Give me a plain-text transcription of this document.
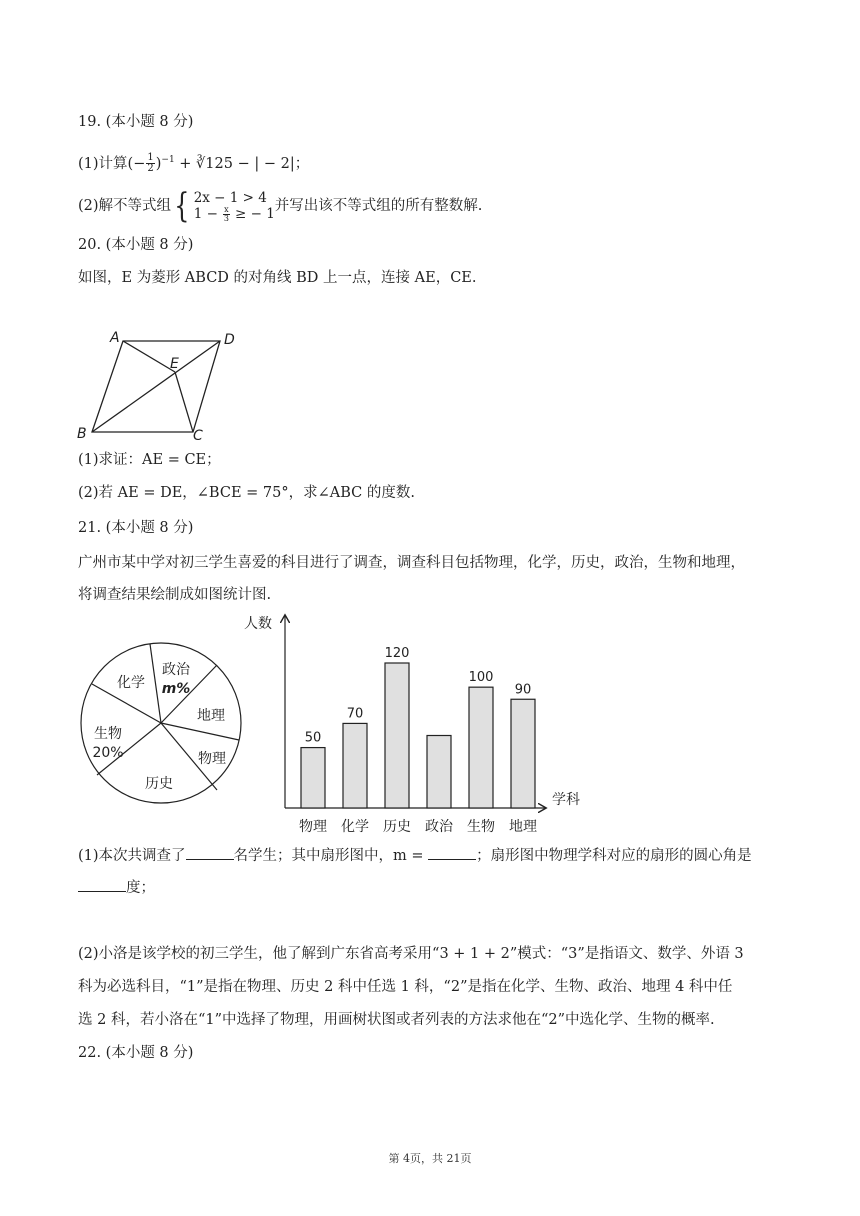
19. (本小题 8 分)
(1)计算(− $\frac{1}{2} )^{-1}$ + ∛125 − | − 2|；
(2)解不等式组 { 2x − 1 > 4
$1 - \frac{x}{3}$ ≥ − 1 并写出该不等式组的所有整数解.
20. (本小题 8 分)
如图，E 为菱形 ABCD 的对角线 BD 上一点，连接 AE，CE.
A	D
E
B	C
(1)求证：AE = CE；
(2)若 AE = DE，∠BCE = 75°，求∠ABC 的度数.
21. (本小题 8 分)
广州市某中学对初三学生喜爱的科目进行了调查，调查科目包括物理，化学，历史，政治，生物和地理，
将调查结果绘制成如图统计图.
化学
政治
m%
地理
物理
历史
生物
20%
人数
学科
50
物理
70
化学
120
历史 政治
100
生物
90
地理
(1)本次共调查了	名学生；其中扇形图中，m =	；扇形图中物理学科对应的扇形的圆心角是
度；
(2)小洛是该学校的初三学生，他了解到广东省高考采用“3 + 1 + 2”模式：“3”是指语文、数学、外语 3
科为必选科目，“1”是指在物理、历史 2 科中任选 1 科，“2”是指在化学、生物、政治、地理 4 科中任
选 2 科，若小洛在“1”中选择了物理，用画树状图或者列表的方法求他在“2”中选化学、生物的概率.
22. (本小题 8 分)
第 4页，共 21页
